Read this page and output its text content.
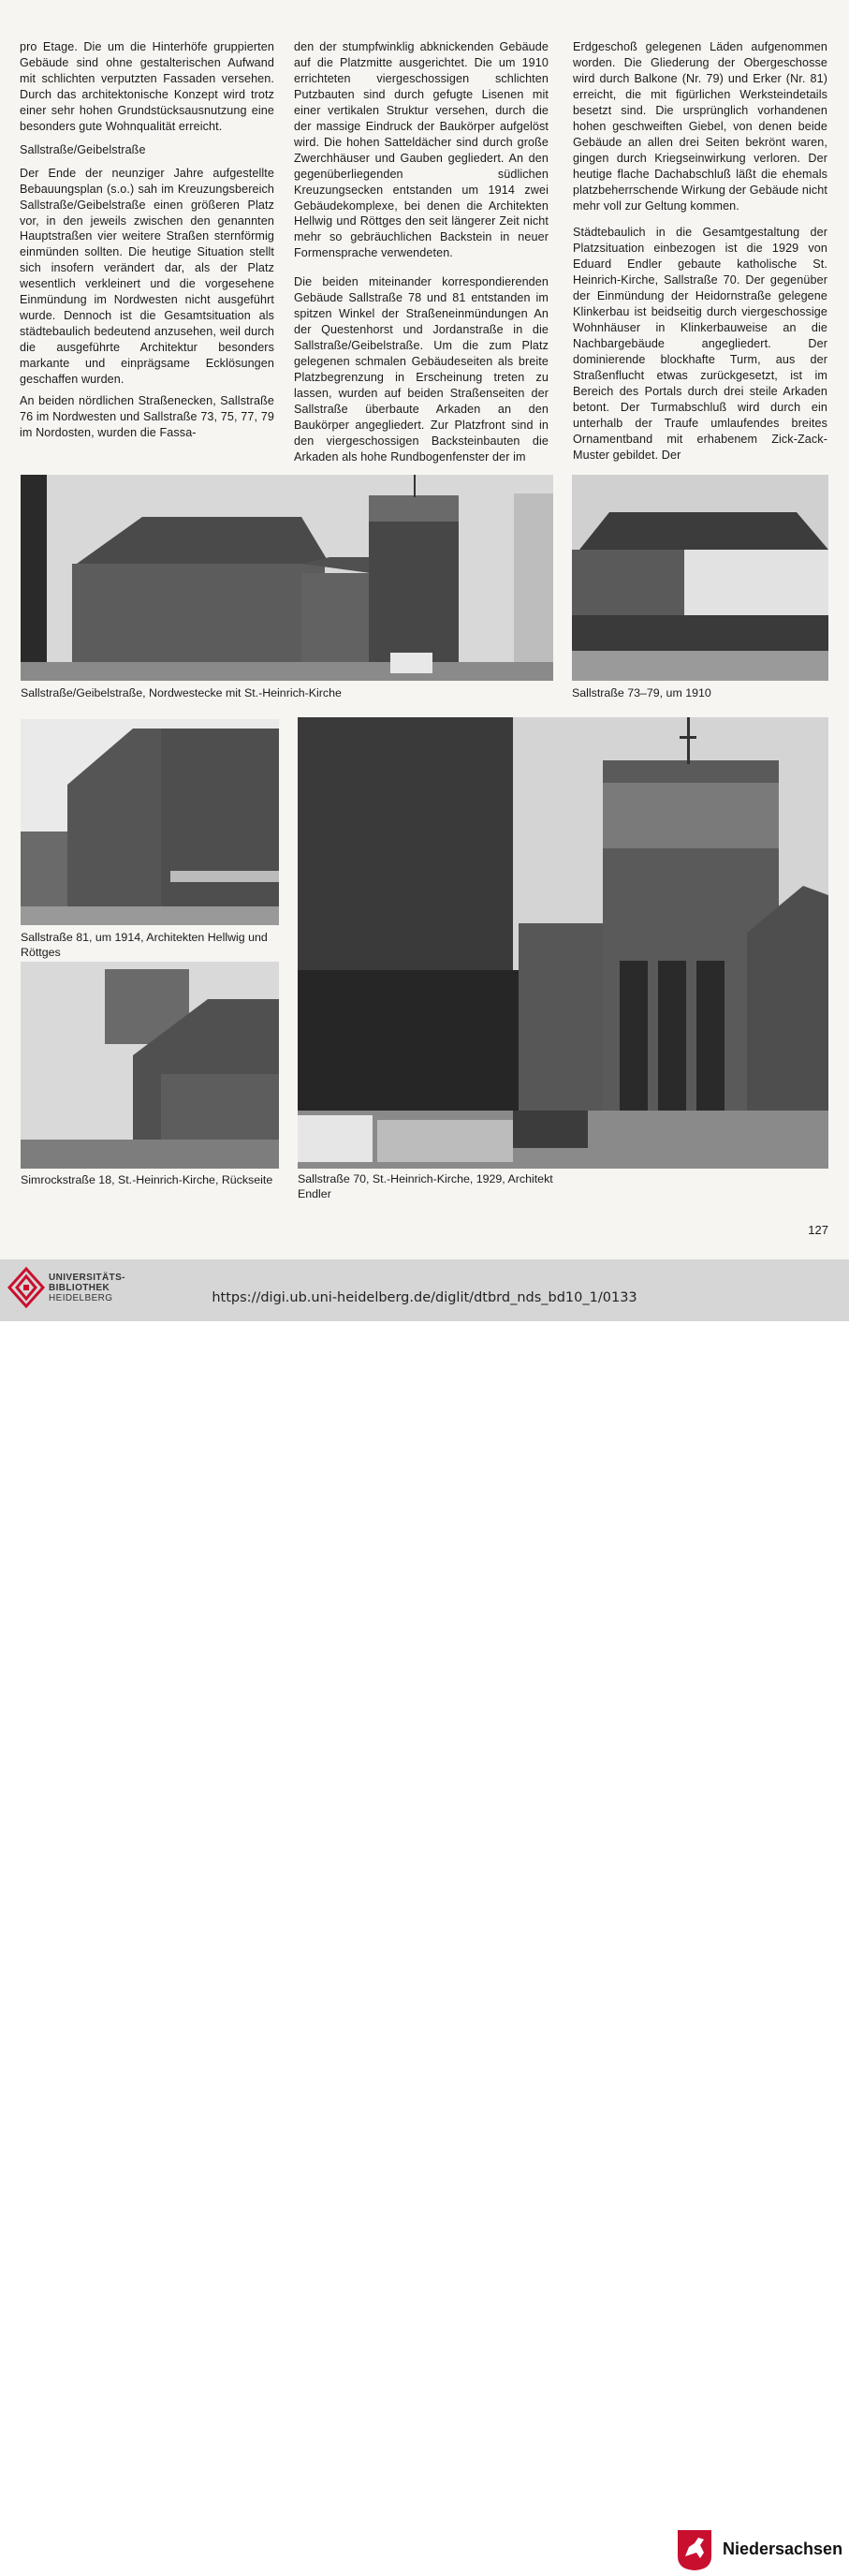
pro Etage. Die um die Hinterhöfe gruppierten Gebäude sind ohne gestalterischen Aufwand mit schlichten verputzten Fassaden versehen. Durch das architektonische Konzept wird trotz einer sehr hohen Grundstücksausnutzung eine besonders gute Wohnqualität erreicht.

Sallstraße/Geibelstraße

Der Ende der neunziger Jahre aufgestellte Bebauungsplan (s.o.) sah im Kreuzungsbereich Sallstraße/Geibelstraße einen größeren Platz vor, in den jeweils zwischen den genannten Hauptstraßen vier weitere Straßen sternförmig einmünden sollten. Die heutige Situation stellt sich insofern verändert dar, als der Platz wesentlich verkleinert und die vorgesehene Einmündung im Nordwesten nicht ausgeführt wurde. Dennoch ist die Gesamtsituation als städtebaulich bedeutend anzusehen, weil durch die ausgeführte Architektur besonders markante und einprägsame Ecklösungen geschaffen wurden.

An beiden nördlichen Straßenecken, Sallstraße 76 im Nordwesten und Sallstraße 73, 75, 77, 79 im Nordosten, wurden die Fassa-

den der stumpfwinklig abknickenden Gebäude auf die Platzmitte ausgerichtet. Die um 1910 errichteten viergeschossigen schlichten Putzbauten sind durch gefugte Lisenen mit einer vertikalen Struktur versehen, durch die der massige Eindruck der Baukörper aufgelöst wird. Die hohen Satteldächer sind durch große Zwerchhäuser und Gauben gegliedert. An den gegenüberliegenden südlichen Kreuzungsecken entstanden um 1914 zwei Gebäudekomplexe, bei denen die Architekten Hellwig und Röttges den seit längerer Zeit nicht mehr so gebräuchlichen Backstein in neuer Formensprache verwendeten.

Die beiden miteinander korrespondierenden Gebäude Sallstraße 78 und 81 entstanden im spitzen Winkel der Straßeneinmündungen An der Questenhorst und Jordanstraße in die Sallstraße/Geibelstraße. Um die zum Platz gelegenen schmalen Gebäudeseiten als breite Platzbegrenzung in Erscheinung treten zu lassen, wurden auf beiden Straßenseiten der Sallstraße überbaute Arkaden an den Baukörper angegliedert. Zur Platzfront sind in den viergeschossigen Backsteinbauten die Arkaden als hohe Rundbogenfenster der im

Erdgeschoß gelegenen Läden aufgenommen worden. Die Gliederung der Obergeschosse wird durch Balkone (Nr. 79) und Erker (Nr. 81) erreicht, die mit figürlichen Werksteindetails besetzt sind. Die ursprünglich vorhandenen hohen geschweiften Giebel, von denen beide Gebäude an allen drei Seiten bekrönt waren, gingen durch Kriegseinwirkung verloren. Der heutige flache Dachabschluß läßt die ehemals platzbeherrschende Wirkung der Gebäude nicht mehr voll zur Geltung kommen.

Städtebaulich in die Gesamtgestaltung der Platzsituation einbezogen ist die 1929 von Eduard Endler gebaute katholische St. Heinrich-Kirche, Sallstraße 70. Der gegenüber der Einmündung der Heidornstraße gelegene Klinkerbau ist beidseitig durch viergeschossige Wohnhäuser in Klinkerbauweise an die Nachbargebäude angegliedert. Der dominierende blockhafte Turm, aus der Straßenflucht etwas zurückgesetzt, ist im Bereich des Portals durch drei steile Arkaden betont. Der Turmabschluß wird durch ein unterhalb der Traufe umlaufendes breites Ornamentband mit erhabenem Zick-Zack-Muster gebildet. Der

Sallstraße/Geibelstraße, Nordwestecke mit St.-Heinrich-Kirche	Sallstraße 73–79, um 1910
Sallstraße 81, um 1914, Architekten Hellwig und Röttges
Simrockstraße 18, St.-Heinrich-Kirche, Rückseite Sallstraße 70, St.-Heinrich-Kirche, 1929, Architekt Endler
127
UNIVERSITÄTS-
BIBLIOTHEK
HEIDELBERG
Niedersachsen
https://digi.ub.uni-heidelberg.de/diglit/dtbrd_nds_bd10_1/0133
